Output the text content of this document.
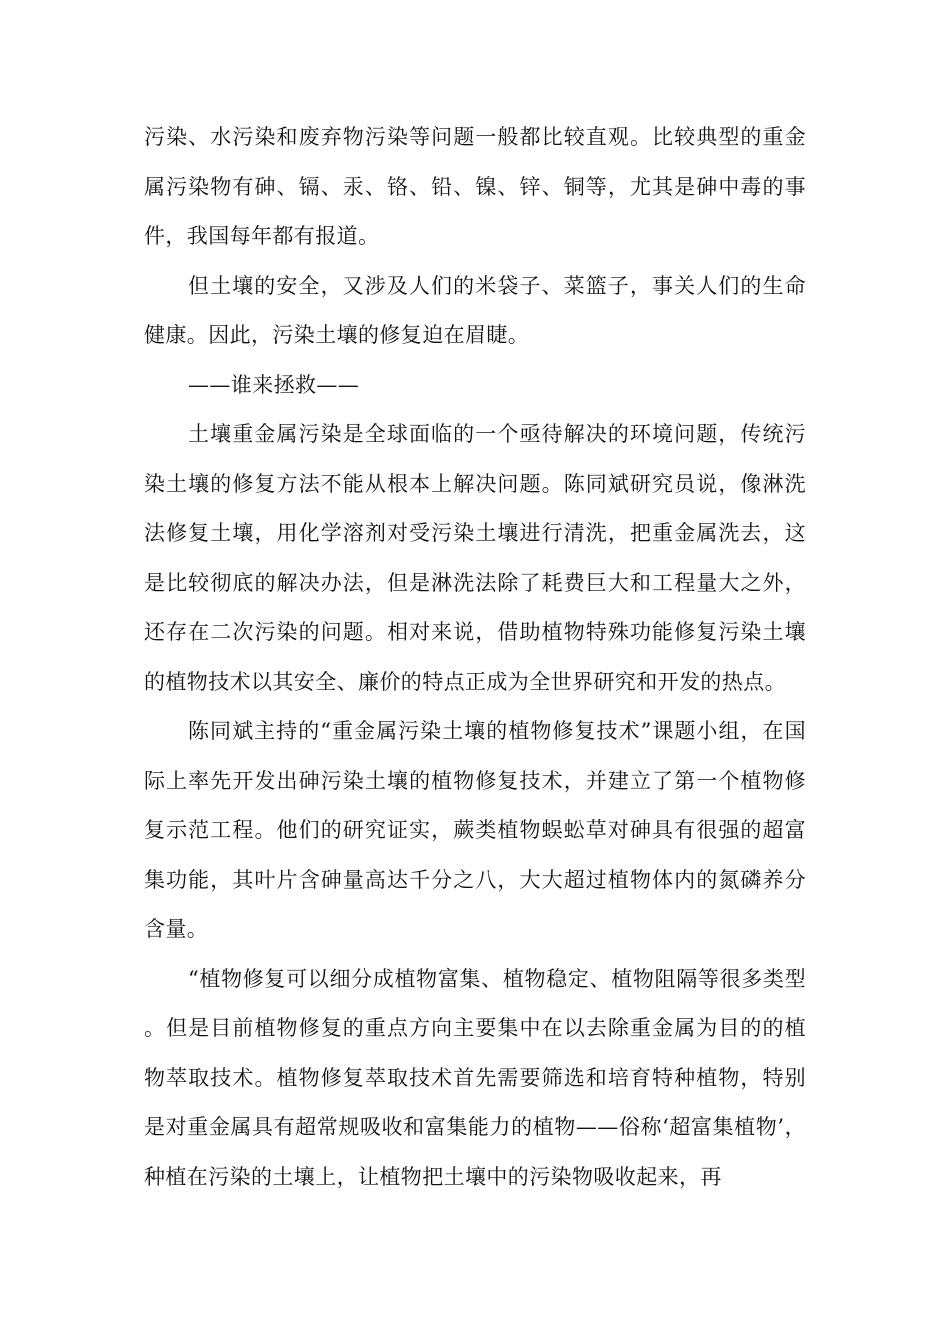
污染、水污染和废弃物污染等问题一般都比较直观。比较典型的重金属污染物有砷、镉、汞、铬、铅、镍、锌、铜等，尤其是砷中毒的事件，我国每年都有报道。

但土壤的安全，又涉及人们的米袋子、菜篮子，事关人们的生命健康。因此，污染土壤的修复迫在眉睫。

——谁来拯救——

土壤重金属污染是全球面临的一个亟待解决的环境问题，传统污染土壤的修复方法不能从根本上解决问题。陈同斌研究员说，像淋洗法修复土壤，用化学溶剂对受污染土壤进行清洗，把重金属洗去，这是比较彻底的解决办法，但是淋洗法除了耗费巨大和工程量大之外，还存在二次污染的问题。相对来说，借助植物特殊功能修复污染土壤的植物技术以其安全、廉价的特点正成为全世界研究和开发的热点。

陈同斌主持的“重金属污染土壤的植物修复技术”课题小组，在国际上率先开发出砷污染土壤的植物修复技术，并建立了第一个植物修复示范工程。他们的研究证实，蕨类植物蜈蚣草对砷具有很强的超富集功能，其叶片含砷量高达千分之八，大大超过植物体内的氮磷养分含量。

“植物修复可以细分成植物富集、植物稳定、植物阻隔等很多类型。但是目前植物修复的重点方向主要集中在以去除重金属为目的的植物萃取技术。植物修复萃取技术首先需要筛选和培育特种植物，特别是对重金属具有超常规吸收和富集能力的植物——俗称‘超富集植物’，种植在污染的土壤上，让植物把土壤中的污染物吸收起来，再
